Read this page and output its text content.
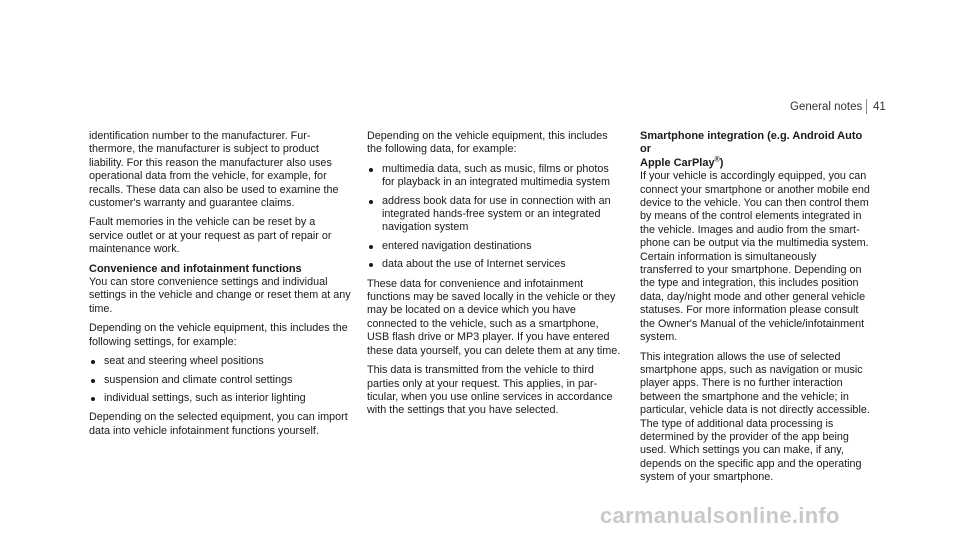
General notes 41

identification number to the manufacturer. Furthermore, the manufacturer is subject to product liability. For this reason the manufacturer also uses operational data from the vehicle, for example, for recalls. These data can also be used to examine the customer's warranty and guarantee claims.

Fault memories in the vehicle can be reset by a service outlet or at your request as part of repair or maintenance work.

Convenience and infotainment functions

You can store convenience settings and individual settings in the vehicle and change or reset them at any time.

Depending on the vehicle equipment, this includes the following settings, for example:

seat and steering wheel positions
suspension and climate control settings
individual settings, such as interior lighting

Depending on the selected equipment, you can import data into vehicle infotainment functions yourself.

Depending on the vehicle equipment, this includes the following data, for example:

multimedia data, such as music, films or photos for playback in an integrated multimedia system
address book data for use in connection with an integrated hands-free system or an integrated navigation system
entered navigation destinations
data about the use of Internet services

These data for convenience and infotainment functions may be saved locally in the vehicle or they may be located on a device which you have connected to the vehicle, such as a smartphone, USB flash drive or MP3 player. If you have entered these data yourself, you can delete them at any time.

This data is transmitted from the vehicle to third parties only at your request. This applies, in particular, when you use online services in accordance with the settings that you have selected.

Smartphone integration (e.g. Android Auto or
Apple CarPlay®)

If your vehicle is accordingly equipped, you can connect your smartphone or another mobile end device to the vehicle. You can then control them by means of the control elements integrated in the vehicle. Images and audio from the smartphone can be output via the multimedia system. Certain information is simultaneously transferred to your smartphone. Depending on the type and integration, this includes position data, day/night mode and other general vehicle statuses. For more information please consult the Owner's Manual of the vehicle/infotainment system.

This integration allows the use of selected smartphone apps, such as navigation or music player apps. There is no further interaction between the smartphone and the vehicle; in particular, vehicle data is not directly accessible. The type of additional data processing is determined by the provider of the app being used. Which settings you can make, if any, depends on the specific app and the operating system of your smartphone.

carmanualsonline.info
